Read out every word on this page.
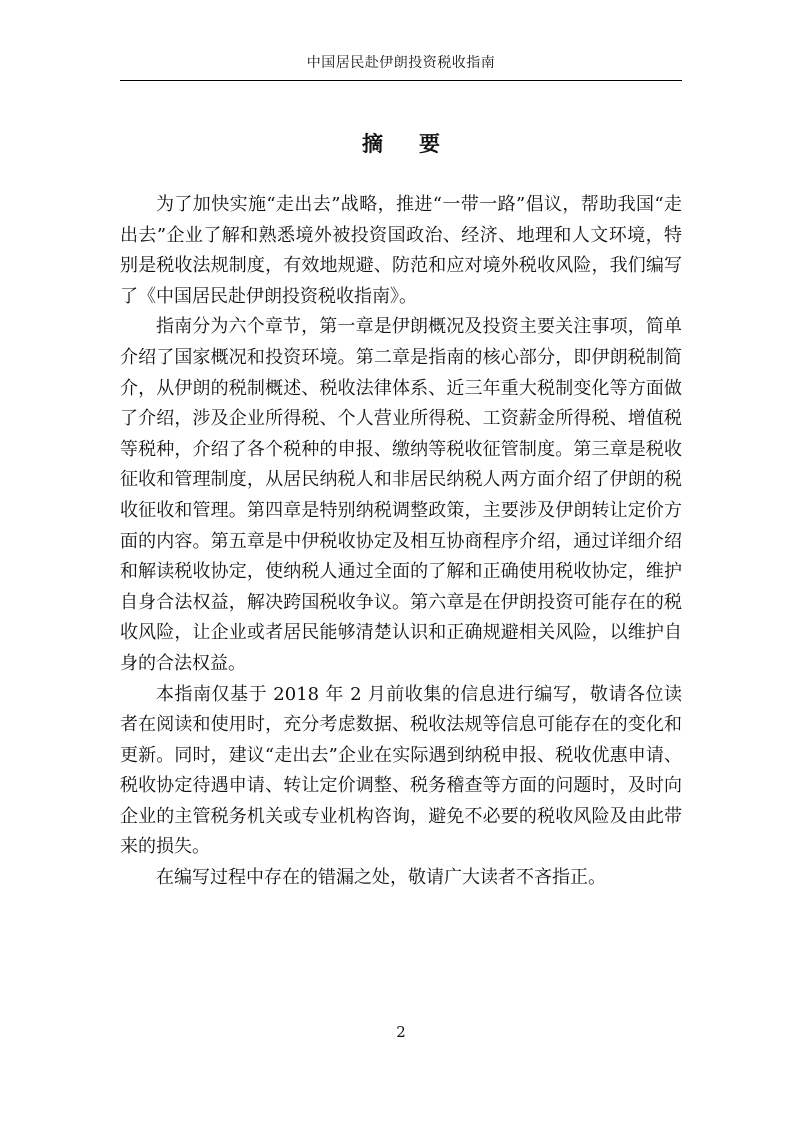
中国居民赴伊朗投资税收指南
摘 要

为了加快实施“走出去”战略，推进“一带一路”倡议，帮助我国“走出去”企业了解和熟悉境外被投资国政治、经济、地理和人文环境，特别是税收法规制度，有效地规避、防范和应对境外税收风险，我们编写了《中国居民赴伊朗投资税收指南》。

指南分为六个章节，第一章是伊朗概况及投资主要关注事项，简单介绍了国家概况和投资环境。第二章是指南的核心部分，即伊朗税制简介，从伊朗的税制概述、税收法律体系、近三年重大税制变化等方面做了介绍，涉及企业所得税、个人营业所得税、工资薪金所得税、增值税等税种，介绍了各个税种的申报、缴纳等税收征管制度。第三章是税收征收和管理制度，从居民纳税人和非居民纳税人两方面介绍了伊朗的税收征收和管理。第四章是特别纳税调整政策，主要涉及伊朗转让定价方面的内容。第五章是中伊税收协定及相互协商程序介绍，通过详细介绍和解读税收协定，使纳税人通过全面的了解和正确使用税收协定，维护自身合法权益，解决跨国税收争议。第六章是在伊朗投资可能存在的税收风险，让企业或者居民能够清楚认识和正确规避相关风险，以维护自身的合法权益。

本指南仅基于 2018 年 2 月前收集的信息进行编写，敬请各位读者在阅读和使用时，充分考虑数据、税收法规等信息可能存在的变化和更新。同时，建议“走出去”企业在实际遇到纳税申报、税收优惠申请、税收协定待遇申请、转让定价调整、税务稽查等方面的问题时，及时向企业的主管税务机关或专业机构咨询，避免不必要的税收风险及由此带来的损失。

在编写过程中存在的错漏之处，敬请广大读者不吝指正。

2
